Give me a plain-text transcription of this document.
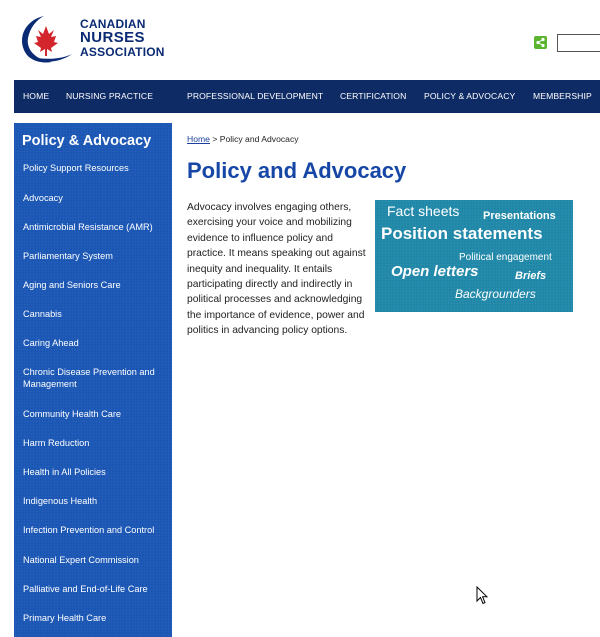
CANADIAN
NURSES
ASSOCIATION
HOME NURSING PRACTICE	PROFESSIONAL DEVELOPMENT CERTIFICATION POLICY & ADVOCACY MEMBERSHIP
Policy & Advocacy
Policy Support Resources
Advocacy
Antimicrobial Resistance (AMR)
Parliamentary System
Aging and Seniors Care
Cannabis
Caring Ahead
Chronic Disease Prevention and Management
Community Health Care
Harm Reduction
Health in All Policies
Indigenous Health
Infection Prevention and Control
National Expert Commission
Palliative and End-of-Life Care
Primary Health Care
Home > Policy and Advocacy
Policy and Advocacy
Fact sheets Presentations
Position statements
Political engagement
Open letters	Briefs
Backgrounders
Advocacy involves engaging others, exercising your voice and mobilizing evidence to influence policy and practice. It means speaking out against inequity and inequality. It entails participating directly and indirectly in political processes and acknowledging the importance of evidence, power and politics in advancing policy options.
